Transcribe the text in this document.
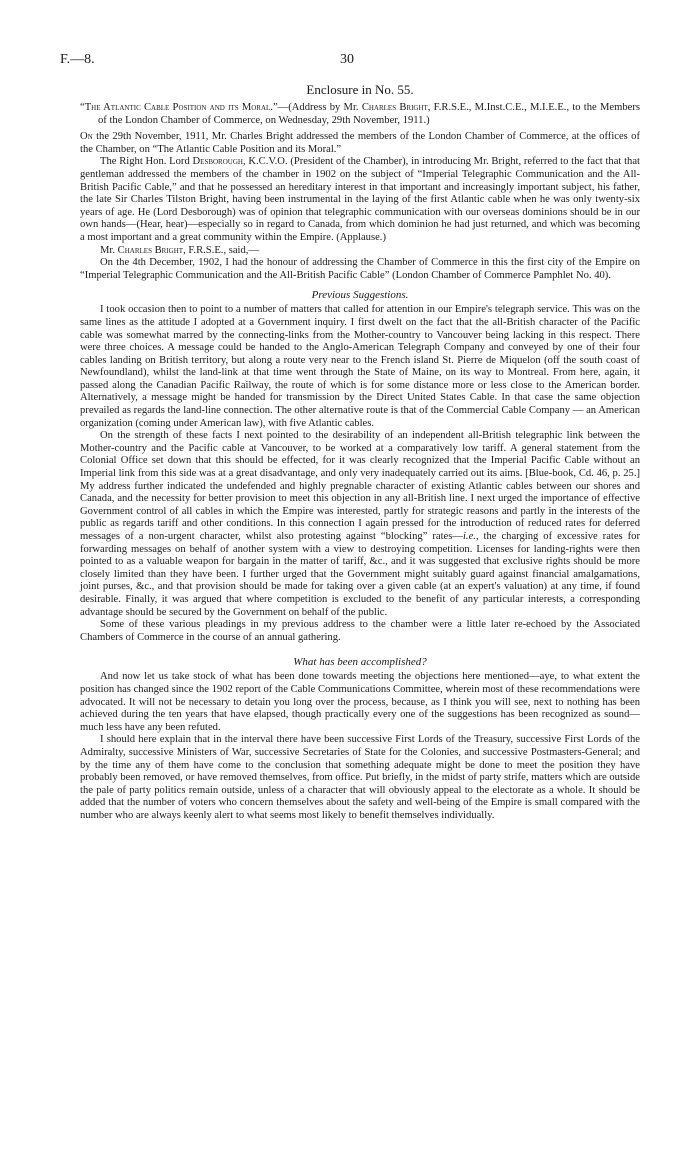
F.—8.	30
Enclosure in No. 55.

“The Atlantic Cable Position and its Moral.”—(Address by Mr. Charles Bright, F.R.S.E., M.Inst.C.E., M.I.E.E., to the Members of the London Chamber of Commerce, on Wednesday, 29th November, 1911.)

On the 29th November, 1911, Mr. Charles Bright addressed the members of the London Chamber of Commerce, at the offices of the Chamber, on “The Atlantic Cable Position and its Moral.”

The Right Hon. Lord Desborough, K.C.V.O. (President of the Chamber), in introducing Mr. Bright, referred to the fact that that gentleman addressed the members of the chamber in 1902 on the subject of “Imperial Telegraphic Communication and the All-British Pacific Cable,” and that he possessed an hereditary interest in that important and increasingly important subject, his father, the late Sir Charles Tilston Bright, having been instrumental in the laying of the first Atlantic cable when he was only twenty-six years of age. He (Lord Desborough) was of opinion that telegraphic communication with our overseas dominions should be in our own hands—(Hear, hear)—especially so in regard to Canada, from which dominion he had just returned, and which was becoming a most important and a great community within the Empire. (Applause.)

Mr. Charles Bright, F.R.S.E., said,—

On the 4th December, 1902, I had the honour of addressing the Chamber of Commerce in this the first city of the Empire on “Imperial Telegraphic Communication and the All-British Pacific Cable” (London Chamber of Commerce Pamphlet No. 40).

Previous Suggestions.

I took occasion then to point to a number of matters that called for attention in our Empire's telegraph service. This was on the same lines as the attitude I adopted at a Government inquiry. I first dwelt on the fact that the all-British character of the Pacific cable was somewhat marred by the connecting-links from the Mother-country to Vancouver being lacking in this respect. There were three choices. A message could be handed to the Anglo-American Telegraph Company and conveyed by one of their four cables landing on British territory, but along a route very near to the French island St. Pierre de Miquelon (off the south coast of Newfoundland), whilst the land-link at that time went through the State of Maine, on its way to Montreal. From here, again, it passed along the Canadian Pacific Railway, the route of which is for some distance more or less close to the American border. Alternatively, a message might be handed for transmission by the Direct United States Cable. In that case the same objection prevailed as regards the land-line connection. The other alternative route is that of the Commercial Cable Company — an American organization (coming under American law), with five Atlantic cables.

On the strength of these facts I next pointed to the desirability of an independent all-British telegraphic link between the Mother-country and the Pacific cable at Vancouver, to be worked at a comparatively low tariff. A general statement from the Colonial Office set down that this should be effected, for it was clearly recognized that the Imperial Pacific Cable without an Imperial link from this side was at a great disadvantage, and only very inadequately carried out its aims. [Blue-book, Cd. 46, p. 25.] My address further indicated the undefended and highly pregnable character of existing Atlantic cables between our shores and Canada, and the necessity for better provision to meet this objection in any all-British line. I next urged the importance of effective Government control of all cables in which the Empire was interested, partly for strategic reasons and partly in the interests of the public as regards tariff and other conditions. In this connection I again pressed for the introduction of reduced rates for deferred messages of a non-urgent character, whilst also protesting against “blocking” rates—i.e., the charging of excessive rates for forwarding messages on behalf of another system with a view to destroying competition. Licenses for landing-rights were then pointed to as a valuable weapon for bargain in the matter of tariff, &c., and it was suggested that exclusive rights should be more closely limited than they have been. I further urged that the Government might suitably guard against financial amalgamations, joint purses, &c., and that provision should be made for taking over a given cable (at an expert's valuation) at any time, if found desirable. Finally, it was argued that where competition is excluded to the benefit of any particular interests, a corresponding advantage should be secured by the Government on behalf of the public.

Some of these various pleadings in my previous address to the chamber were a little later re-echoed by the Associated Chambers of Commerce in the course of an annual gathering.

What has been accomplished?

And now let us take stock of what has been done towards meeting the objections here mentioned—aye, to what extent the position has changed since the 1902 report of the Cable Communications Committee, wherein most of these recommendations were advocated. It will not be necessary to detain you long over the process, because, as I think you will see, next to nothing has been achieved during the ten years that have elapsed, though practically every one of the suggestions has been recognized as sound—much less have any been refuted.

I should here explain that in the interval there have been successive First Lords of the Treasury, successive First Lords of the Admiralty, successive Ministers of War, successive Secretaries of State for the Colonies, and successive Postmasters-General; and by the time any of them have come to the conclusion that something adequate might be done to meet the position they have probably been removed, or have removed themselves, from office. Put briefly, in the midst of party strife, matters which are outside the pale of party politics remain outside, unless of a character that will obviously appeal to the electorate as a whole. It should be added that the number of voters who concern themselves about the safety and well-being of the Empire is small compared with the number who are always keenly alert to what seems most likely to benefit themselves individually.
